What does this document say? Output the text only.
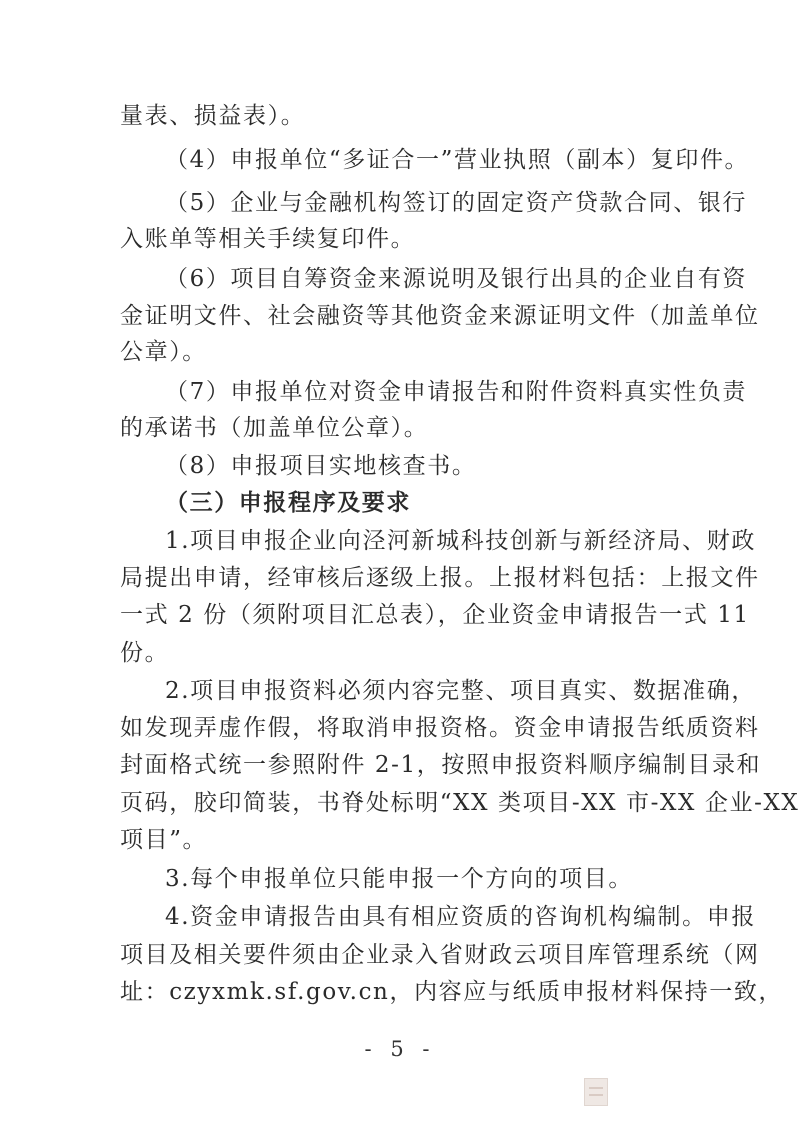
量表、损益表）。
（4）申报单位“多证合一”营业执照（副本）复印件。
（5）企业与金融机构签订的固定资产贷款合同、银行
入账单等相关手续复印件。
（6）项目自筹资金来源说明及银行出具的企业自有资
金证明文件、社会融资等其他资金来源证明文件（加盖单位
公章）。
（7）申报单位对资金申请报告和附件资料真实性负责
的承诺书（加盖单位公章）。
（8）申报项目实地核查书。
（三）申报程序及要求
1.项目申报企业向泾河新城科技创新与新经济局、财政
局提出申请，经审核后逐级上报。上报材料包括：上报文件
一式 2 份（须附项目汇总表），企业资金申请报告一式 11
份。
2.项目申报资料必须内容完整、项目真实、数据准确，
如发现弄虚作假，将取消申报资格。资金申请报告纸质资料
封面格式统一参照附件 2-1，按照申报资料顺序编制目录和
页码，胶印简装，书脊处标明“XX 类项目-XX 市-XX 企业-XX
项目”。
3.每个申报单位只能申报一个方向的项目。
4.资金申请报告由具有相应资质的咨询机构编制。申报
项目及相关要件须由企业录入省财政云项目库管理系统（网
址：czyxmk.sf.gov.cn，内容应与纸质申报材料保持一致，
- 5 -
